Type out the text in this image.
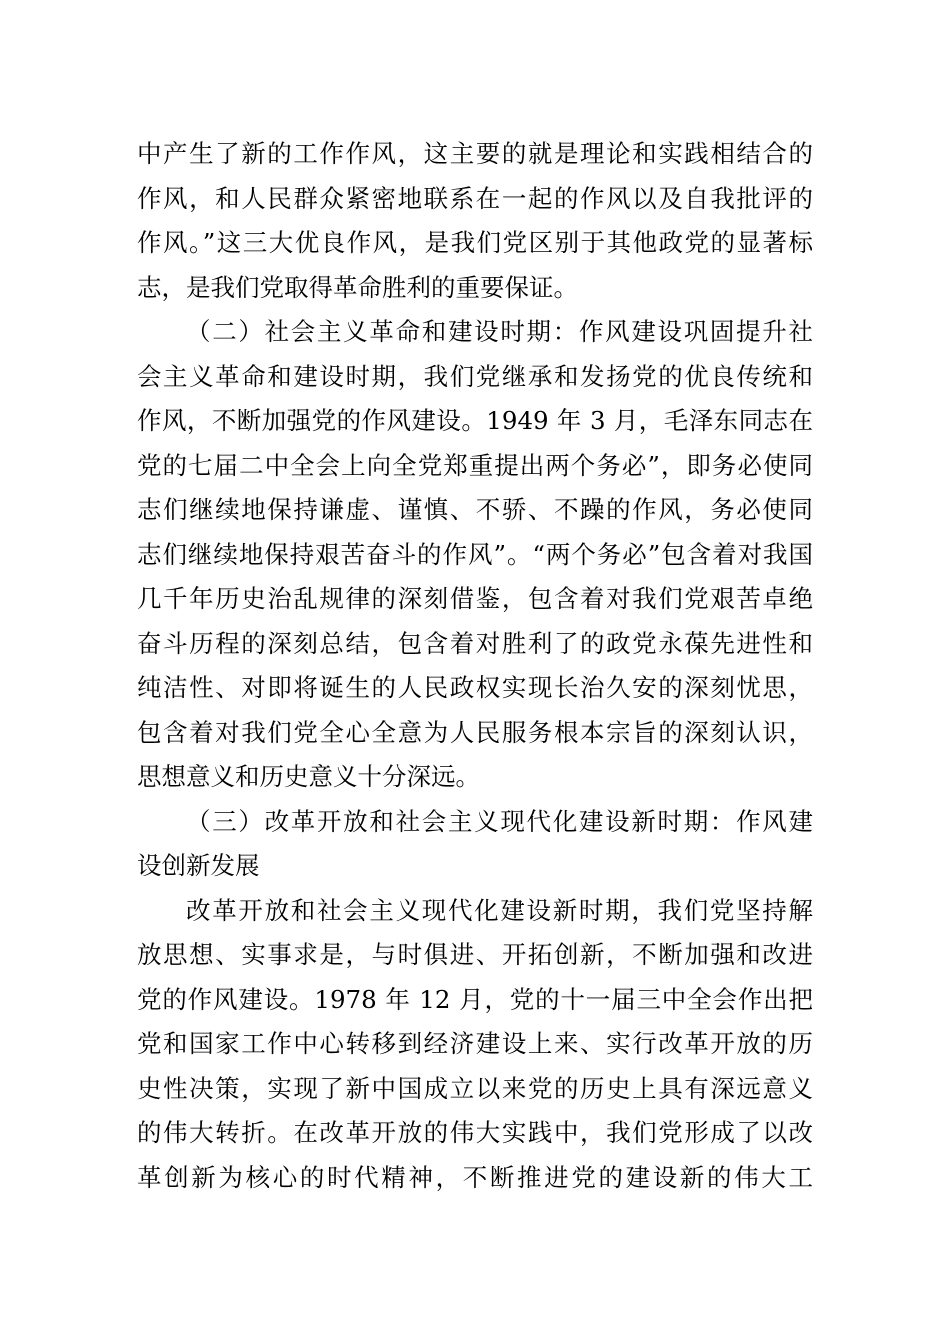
中产生了新的工作作风，这主要的就是理论和实践相结合的
作风，和人民群众紧密地联系在一起的作风以及自我批评的
作风。”这三大优良作风，是我们党区别于其他政党的显著标
志，是我们党取得革命胜利的重要保证。

（二）社会主义革命和建设时期：作风建设巩固提升社
会主义革命和建设时期，我们党继承和发扬党的优良传统和
作风，不断加强党的作风建设。1949 年 3 月，毛泽东同志在
党的七届二中全会上向全党郑重提出两个务必”，即务必使同
志们继续地保持谦虚、谨慎、不骄、不躁的作风，务必使同
志们继续地保持艰苦奋斗的作风”。“两个务必”包含着对我国
几千年历史治乱规律的深刻借鉴，包含着对我们党艰苦卓绝
奋斗历程的深刻总结，包含着对胜利了的政党永葆先进性和
纯洁性、对即将诞生的人民政权实现长治久安的深刻忧思，
包含着对我们党全心全意为人民服务根本宗旨的深刻认识，
思想意义和历史意义十分深远。

（三）改革开放和社会主义现代化建设新时期：作风建
设创新发展

改革开放和社会主义现代化建设新时期，我们党坚持解
放思想、实事求是，与时俱进、开拓创新，不断加强和改进
党的作风建设。1978 年 12 月，党的十一届三中全会作出把
党和国家工作中心转移到经济建设上来、实行改革开放的历
史性决策，实现了新中国成立以来党的历史上具有深远意义
的伟大转折。在改革开放的伟大实践中，我们党形成了以改
革创新为核心的时代精神，不断推进党的建设新的伟大工
